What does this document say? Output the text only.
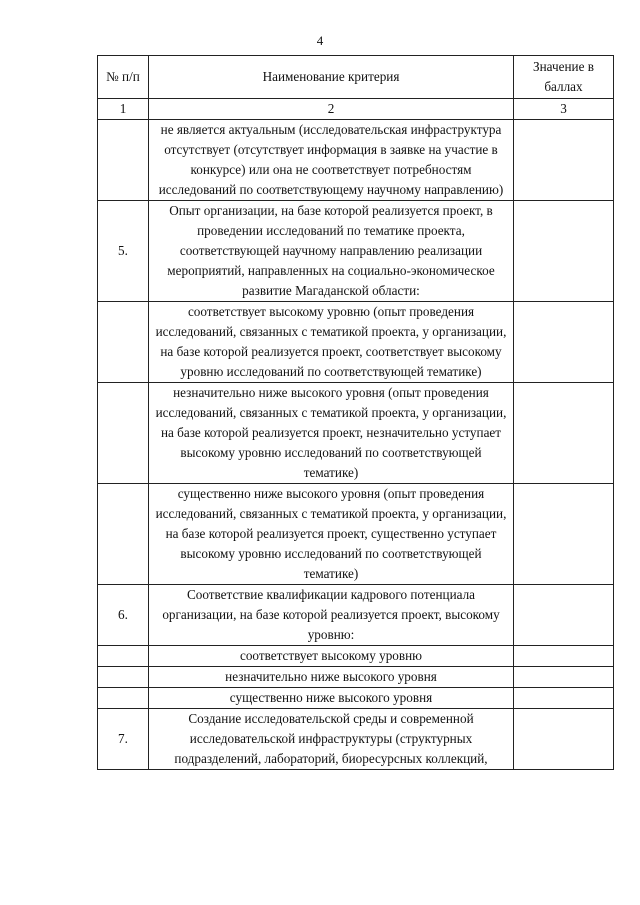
4
№ п/п	Наименование критерия	Значение в баллах
1	2	3
	не является актуальным (исследовательская инфраструктура отсутствует (отсутствует информация в заявке на участие в конкурсе) или она не соответствует потребностям исследований по соответствующему научному направлению)	
5.	Опыт организации, на базе которой реализуется проект, в проведении исследований по тематике проекта, соответствующей научному направлению реализации мероприятий, направленных на социально-экономическое развитие Магаданской области:	
	соответствует высокому уровню (опыт проведения исследований, связанных с тематикой проекта, у организации, на базе которой реализуется проект, соответствует высокому уровню исследований по соответствующей тематике)	
	незначительно ниже высокого уровня (опыт проведения исследований, связанных с тематикой проекта, у организации, на базе которой реализуется проект, незначительно уступает высокому уровню исследований по соответствующей тематике)	
	существенно ниже высокого уровня (опыт проведения исследований, связанных с тематикой проекта, у организации, на базе которой реализуется проект, существенно уступает высокому уровню исследований по соответствующей тематике)	
6.	Соответствие квалификации кадрового потенциала организации, на базе которой реализуется проект, высокому уровню:	
	соответствует высокому уровню	
	незначительно ниже высокого уровня	
	существенно ниже высокого уровня	
7.	Создание исследовательской среды и современной исследовательской инфраструктуры (структурных подразделений, лабораторий, биоресурсных коллекций,	
